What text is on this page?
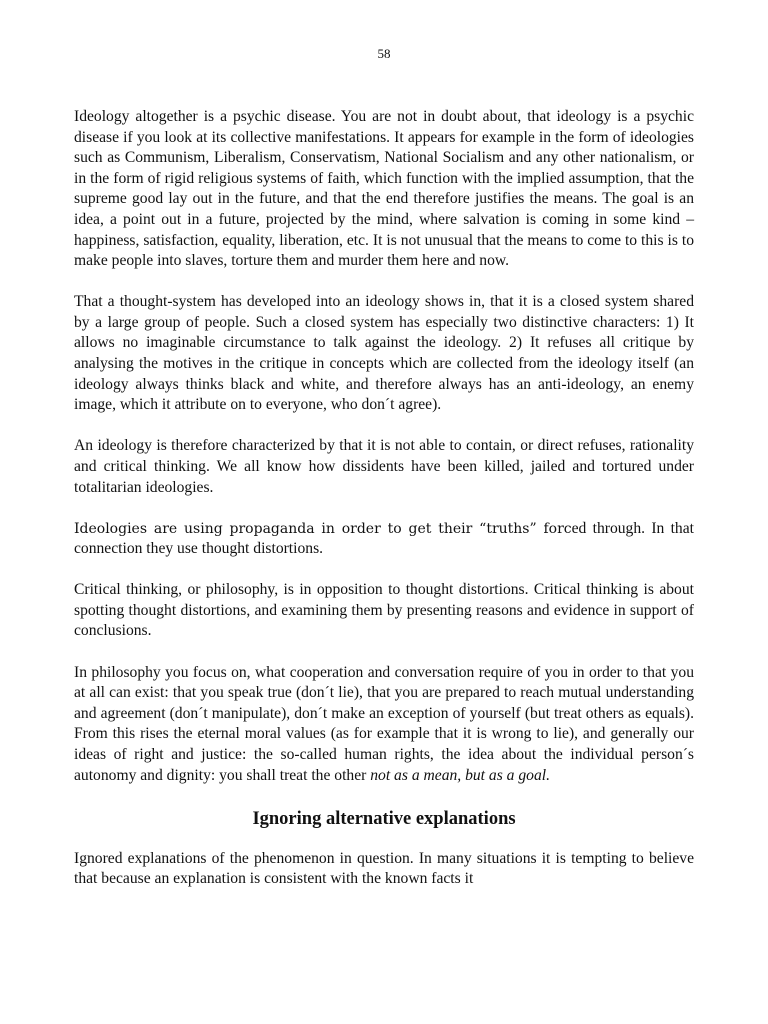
58

Ideology altogether is a psychic disease. You are not in doubt about, that ideology is a psychic disease if you look at its collective manifestations. It appears for example in the form of ideologies such as Communism, Liberalism, Conservatism, National Socialism and any other nationalism, or in the form of rigid religious systems of faith, which function with the implied assumption, that the supreme good lay out in the future, and that the end therefore justifies the means. The goal is an idea, a point out in a future, projected by the mind, where salvation is coming in some kind – happiness, satisfaction, equality, liberation, etc. It is not unusual that the means to come to this is to make people into slaves, torture them and murder them here and now.

That a thought-system has developed into an ideology shows in, that it is a closed system shared by a large group of people. Such a closed system has especially two distinctive characters: 1) It allows no imaginable circumstance to talk against the ideology. 2) It refuses all critique by analysing the motives in the critique in concepts which are collected from the ideology itself (an ideology always thinks black and white, and therefore always has an anti-ideology, an enemy image, which it attribute on to everyone, who don´t agree).

An ideology is therefore characterized by that it is not able to contain, or direct refuses, rationality and critical thinking. We all know how dissidents have been killed, jailed and tortured under totalitarian ideologies.

Ideologies are using propaganda in order to get their “truths” forced through. In that connection they use thought distortions.

Critical thinking, or philosophy, is in opposition to thought distortions. Critical thinking is about spotting thought distortions, and examining them by presenting reasons and evidence in support of conclusions.

In philosophy you focus on, what cooperation and conversation require of you in order to that you at all can exist: that you speak true (don´t lie), that you are prepared to reach mutual understanding and agreement (don´t manipulate), don´t make an exception of yourself (but treat others as equals). From this rises the eternal moral values (as for example that it is wrong to lie), and generally our ideas of right and justice: the so-called human rights, the idea about the individual person´s autonomy and dignity: you shall treat the other not as a mean, but as a goal.

Ignoring alternative explanations

Ignored explanations of the phenomenon in question. In many situations it is tempting to believe that because an explanation is consistent with the known facts it
